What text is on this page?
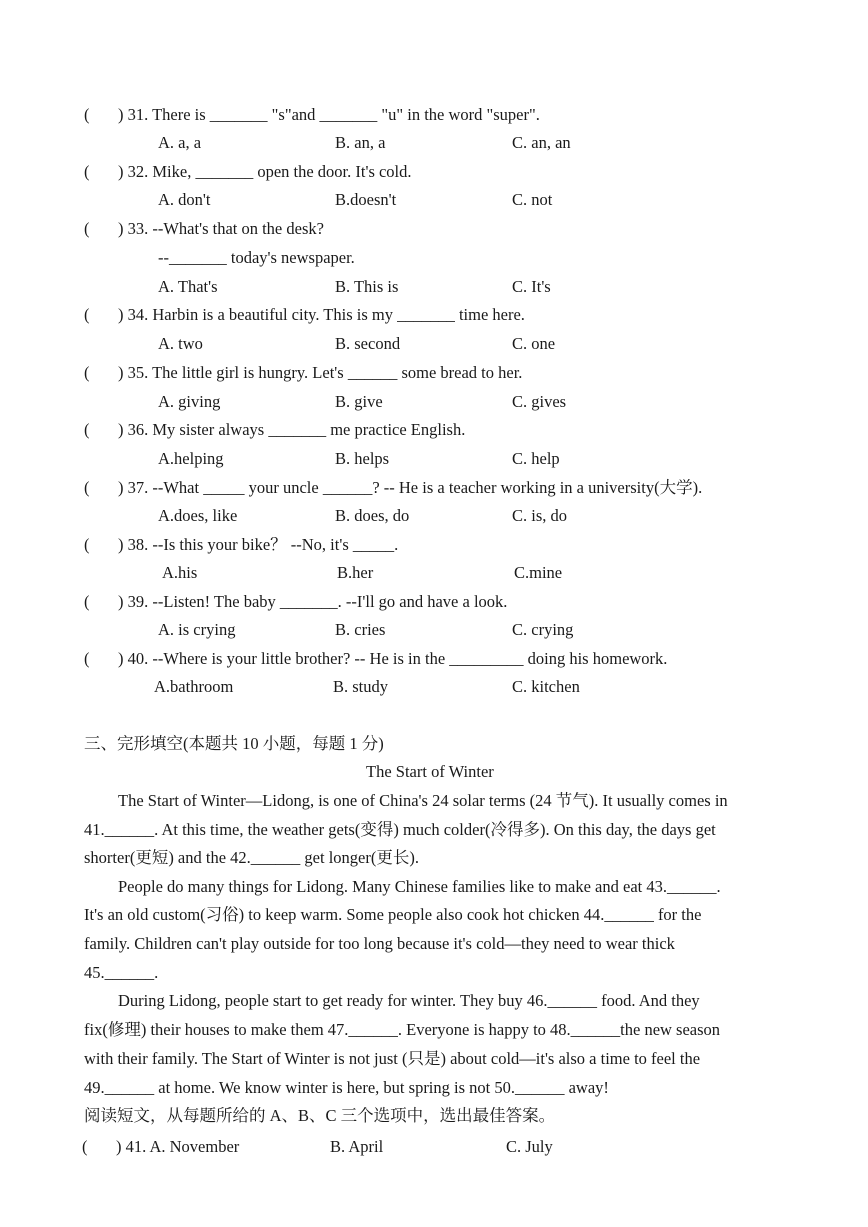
( ) 31. There is _______ "s"and _______ "u" in the word "super".
A. a, a	B. an, a	C. an, an
( ) 32. Mike, _______ open the door. It's cold.
A. don't	B.doesn't	C. not
( ) 33. --What's that on the desk?
--_______ today's newspaper.
A. That's	B. This is	C. It's
( ) 34. Harbin is a beautiful city. This is my _______ time here.
A. two	B. second	C. one
( ) 35. The little girl is hungry. Let's ______ some bread to her.
A. giving	B. give	C. gives
( ) 36. My sister always _______ me practice English.
A.helping	B. helps	C. help
( ) 37. --What _____ your uncle ______? -- He is a teacher working in a university(大学).
A.does, like	B. does, do	C. is, do
( ) 38. --Is this your bike？ --No, it's _____.
A.his	B.her	C.mine
( ) 39. --Listen! The baby _______. --I'll go and have a look.
A. is crying	B. cries	C. crying
( ) 40. --Where is your little brother? -- He is in the _________ doing his homework.
A.bathroom	B. study	C. kitchen
三、完形填空(本题共 10 小题，每题 1 分)
The Start of Winter
The Start of Winter—Lidong, is one of China's 24 solar terms (24 节气). It usually comes in
41.______. At this time, the weather gets(变得) much colder(冷得多). On this day, the days get
shorter(更短) and the 42.______ get longer(更长).
People do many things for Lidong. Many Chinese families like to make and eat 43.______.
It's an old custom(习俗) to keep warm. Some people also cook hot chicken 44.______ for the
family. Children can't play outside for too long because it's cold—they need to wear thick
45.______.
During Lidong, people start to get ready for winter. They buy 46.______ food. And they
fix(修理) their houses to make them 47.______. Everyone is happy to 48.______the new season
with their family. The Start of Winter is not just (只是) about cold—it's also a time to feel the
49.______ at home. We know winter is here, but spring is not 50.______ away!
阅读短文，从每题所给的 A、B、C 三个选项中，选出最佳答案。
( ) 41. A. November	B. April	C. July
